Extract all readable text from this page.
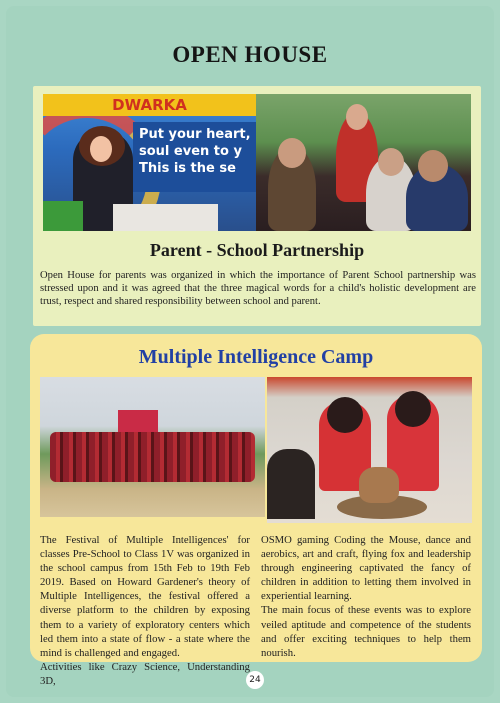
OPEN HOUSE
DWARKA
Put your heart,
soul even to y
This is the se
Parent - School Partnership
Open House for parents was organized in which the importance of Parent School partnership was stressed upon and it was agreed that the three magical words for a child's holistic development are trust, respect and shared responsibility between school and parent.
Multiple Intelligence Camp

The Festival of Multiple Intelligences' for classes Pre-School to Class 1V was organized in the school campus from 15th Feb to 19th Feb 2019. Based on Howard Gardener's theory of Multiple Intelligences, the festival offered a diverse platform to the children by exposing them to a variety of exploratory centers which led them into a state of flow - a state where the mind is challenged and engaged.

Activities like Crazy Science, Understanding 3D,

OSMO gaming Coding the Mouse, dance and aerobics, art and craft, flying fox and leadership through engineering captivated the fancy of children in addition to letting them involved in experiential learning.

The main focus of these events was to explore veiled aptitude and competence of the students and offer exciting techniques to help them nourish.

24
